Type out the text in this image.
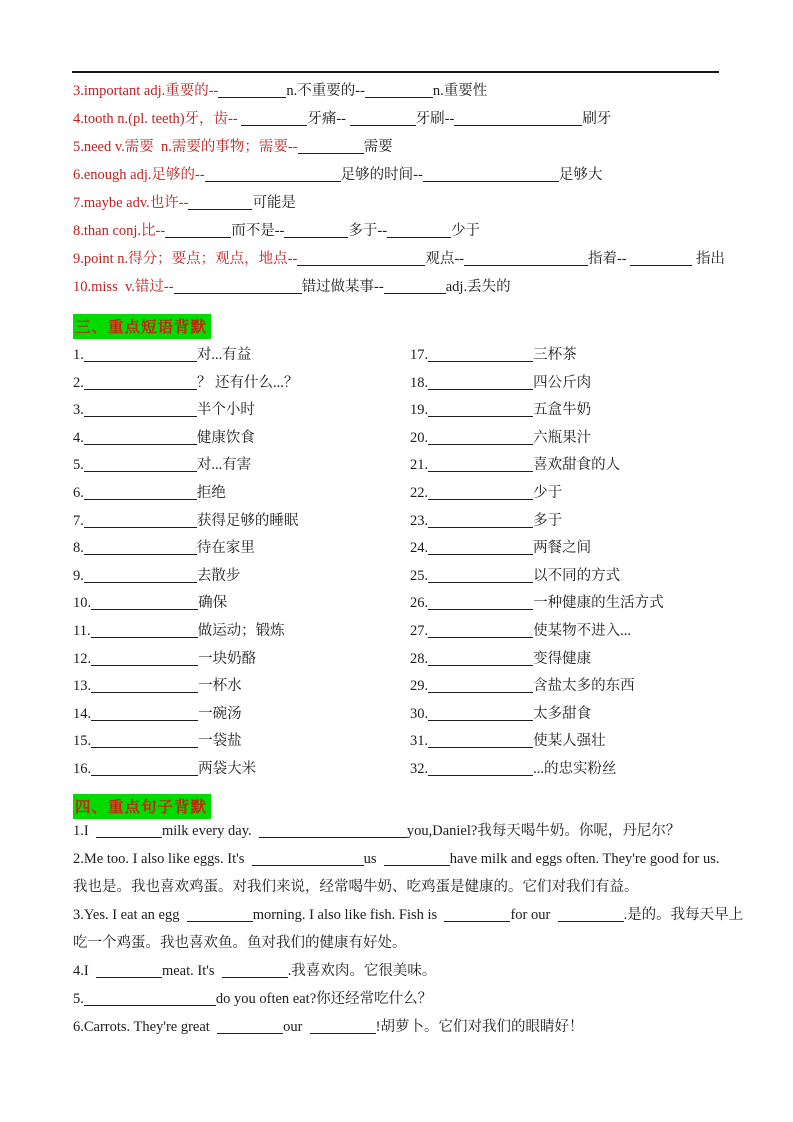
3.important adj.重要的--	n.不重要的--	n.重要性
4.tooth n.(pl. teeth)牙，齿--	牙痛--	牙刷--	刷牙
5.need v.需要  n.需要的事物；需要--	需要
6.enough adj.足够的--	足够的时间--	足够大
7.maybe adv.也许--	可能是
8.than conj.比--	而不是--	多于--	少于
9.point n.得分；要点；观点，地点--	观点--	指着--	指出
10.miss  v.错过--	错过做某事--	adj.丢失的
三、重点短语背默
1.	对...有益
2.	？ 还有什么...？
3.	半个小时
4.	健康饮食
5.	对...有害
6.	拒绝
7.	获得足够的睡眠
8.	待在家里
9.	去散步
10.	确保
11.	做运动；锻炼
12.	一块奶酪
13.	一杯水
14.	一碗汤
15.	一袋盐
16.	两袋大米
17.	三杯茶
18.	四公斤肉
19.	五盒牛奶
20.	六瓶果汁
21.	喜欢甜食的人
22.	少于
23.	多于
24.	两餐之间
25.	以不同的方式
26.	一种健康的生活方式
27.	使某物不进入...
28.	变得健康
29.	含盐太多的东西
30.	太多甜食
31.	使某人强壮
32.	...的忠实粉丝
四、重点句子背默
1.I	milk every day.	you,Daniel?我每天喝牛奶。你呢，丹尼尔？
2.Me too. I also like eggs. It's	us	have milk and eggs often. They're good for us.
我也是。我也喜欢鸡蛋。对我们来说，经常喝牛奶、吃鸡蛋是健康的。它们对我们有益。
3.Yes. I eat an egg	morning. I also like fish. Fish is	for our	.是的。我每天早上
吃一个鸡蛋。我也喜欢鱼。鱼对我们的健康有好处。
4.I	meat. It's	.我喜欢肉。它很美味。
5.	do you often eat?你还经常吃什么？
6.Carrots. They're great	our	!胡萝卜。它们对我们的眼睛好！
